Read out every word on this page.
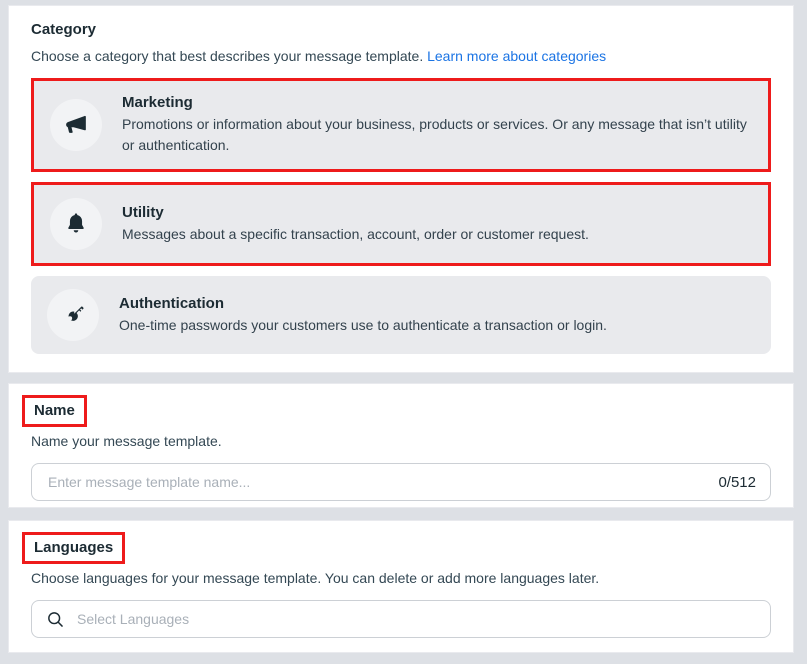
Category

Choose a category that best describes your message template. Learn more about categories

Marketing

Promotions or information about your business, products or services. Or any message that isn’t utility or authentication.

Utility

Messages about a specific transaction, account, order or customer request.

Authentication

One-time passwords your customers use to authenticate a transaction or login.

Name

Name your message template.

Enter message template name...
0/512
Languages

Choose languages for your message template. You can delete or add more languages later.

Select Languages
